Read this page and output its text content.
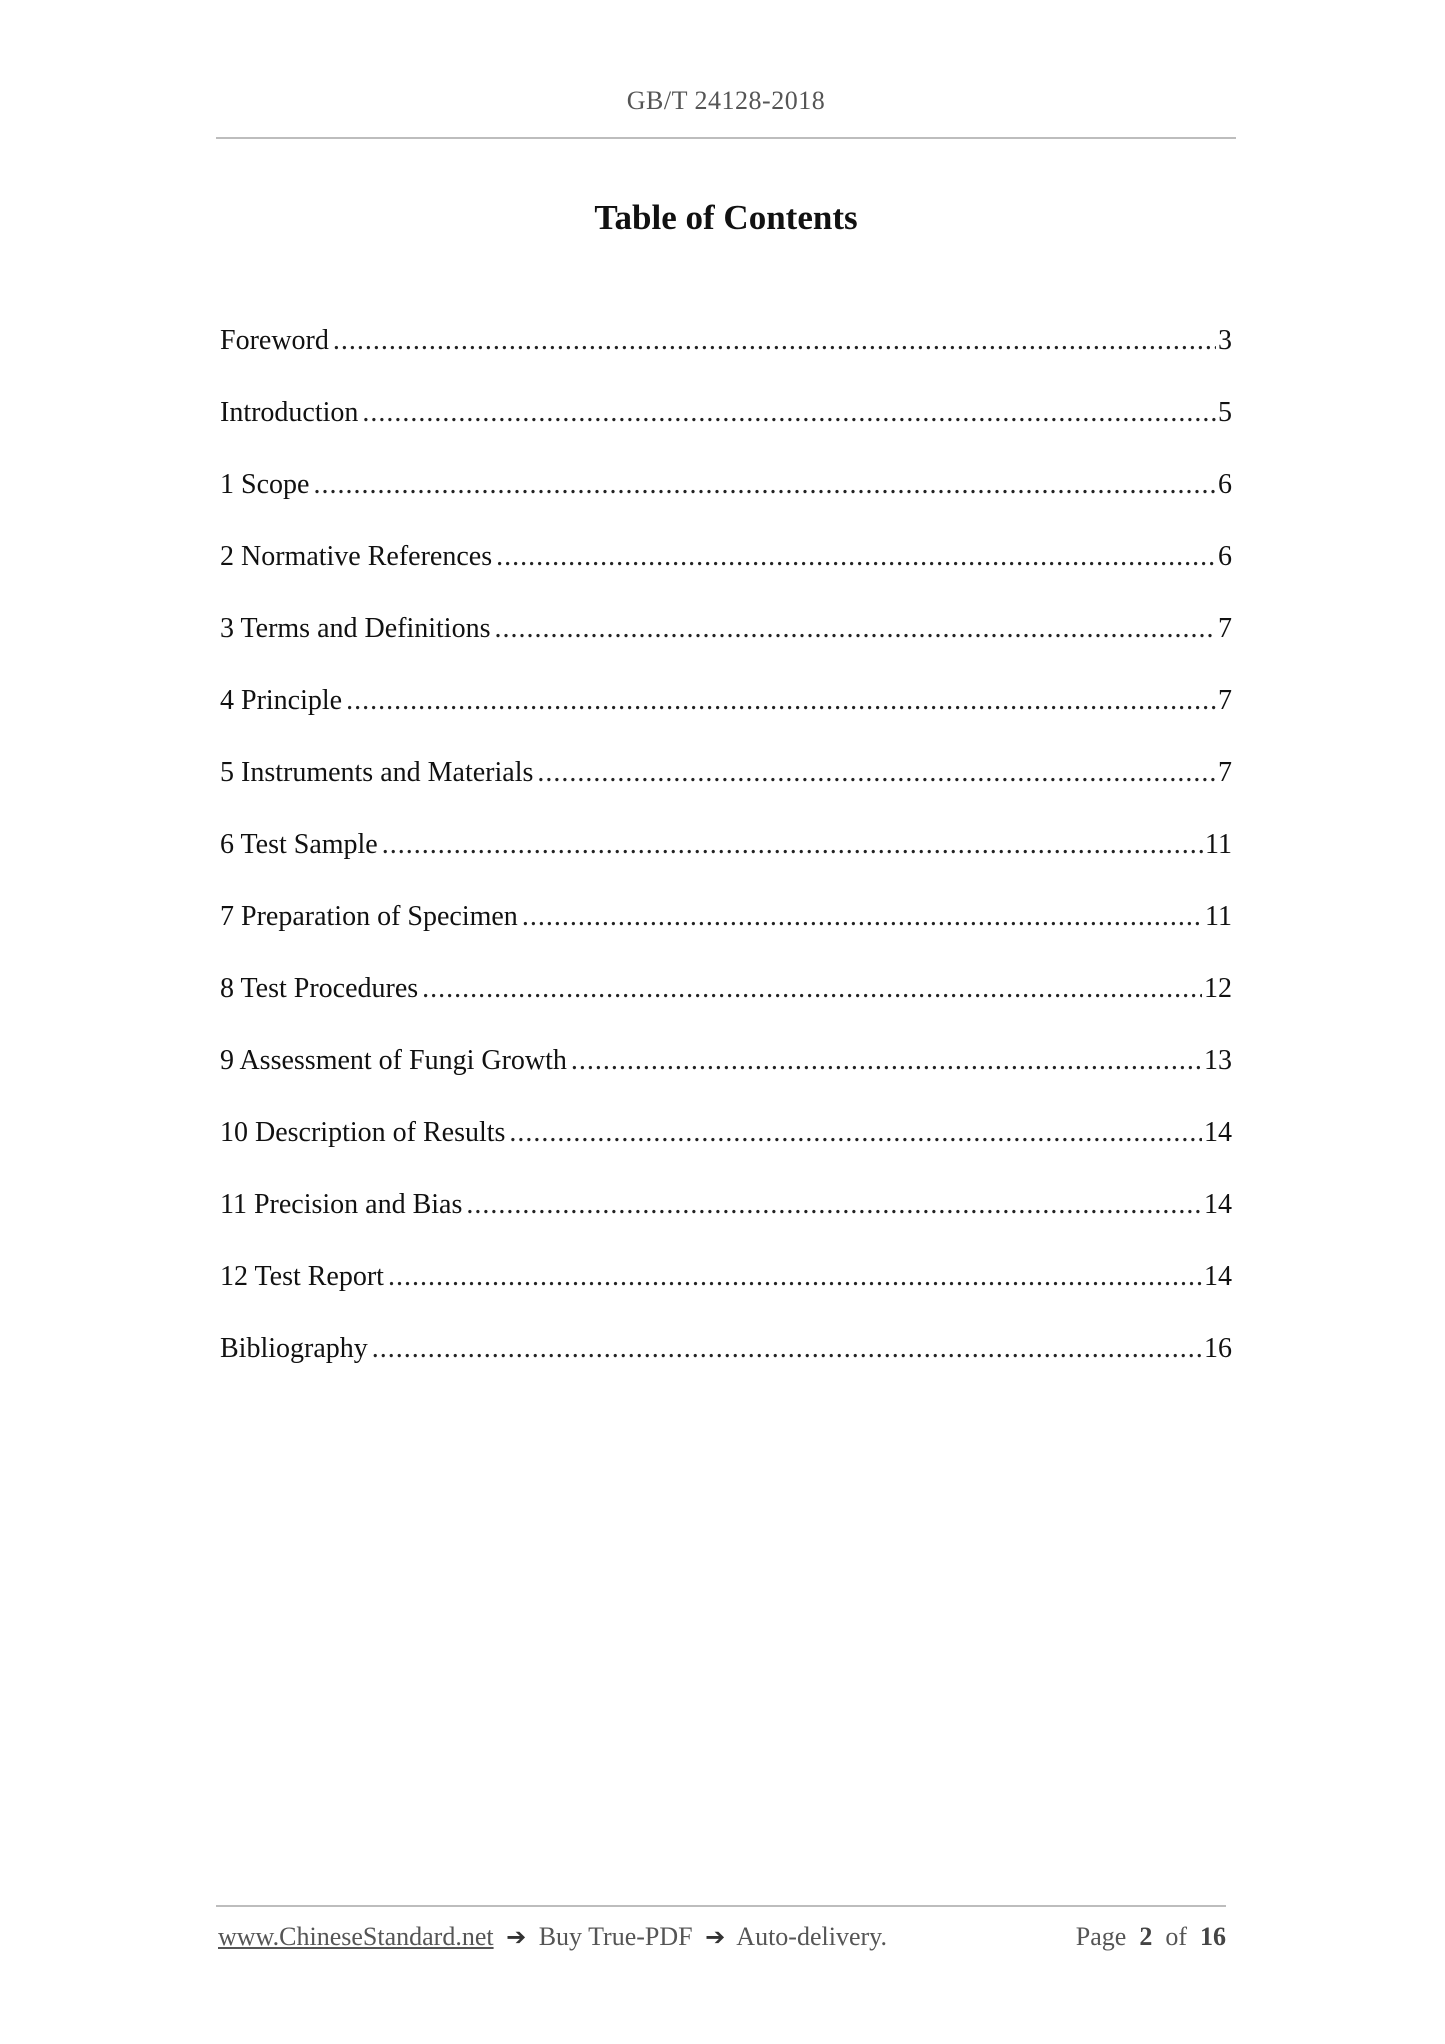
GB/T 24128-2018
Table of Contents
Foreword .....	3
Introduction .....	5
1 Scope .....	6
2 Normative References .....	6
3 Terms and Definitions .....	7
4 Principle .....	7
5 Instruments and Materials .....	7
6 Test Sample .....	11
7 Preparation of Specimen .....	11
8 Test Procedures .....	12
9 Assessment of Fungi Growth .....	13
10 Description of Results .....	14
11 Precision and Bias .....	14
12 Test Report .....	14
Bibliography .....	16
www.ChineseStandard.net ➔ Buy True-PDF ➔ Auto-delivery.	Page 2 of 16
